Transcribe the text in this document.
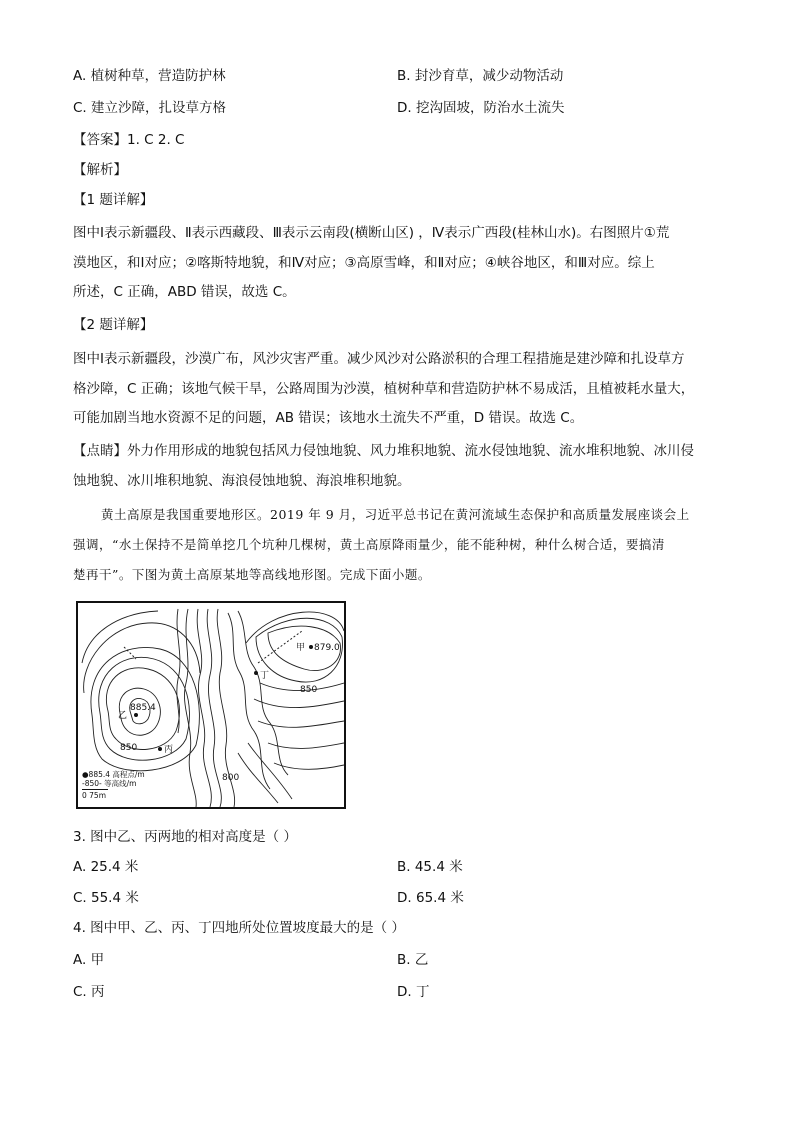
A. 植树种草，营造防护林	B. 封沙育草，减少动物活动
C. 建立沙障，扎设草方格	D. 挖沟固坡，防治水土流失
【答案】1. C 2. C
【解析】
【1 题详解】
图中Ⅰ表示新疆段、Ⅱ表示西藏段、Ⅲ表示云南段(横断山区) ，Ⅳ表示广西段(桂林山水)。右图照片①荒
漠地区，和Ⅰ对应；②喀斯特地貌，和Ⅳ对应；③高原雪峰，和Ⅱ对应；④峡谷地区，和Ⅲ对应。综上
所述，C 正确，ABD 错误，故选 C。
【2 题详解】
图中Ⅰ表示新疆段，沙漠广布，风沙灾害严重。减少风沙对公路淤积的合理工程措施是建沙障和扎设草方
格沙障，C 正确；该地气候干旱，公路周围为沙漠，植树种草和营造防护林不易成活，且植被耗水量大，
可能加剧当地水资源不足的问题，AB 错误；该地水土流失不严重，D 错误。故选 C。
【点睛】外力作用形成的地貌包括风力侵蚀地貌、风力堆积地貌、流水侵蚀地貌、流水堆积地貌、冰川侵
蚀地貌、冰川堆积地貌、海浪侵蚀地貌、海浪堆积地貌。
黄土高原是我国重要地形区。2019 年 9 月，习近平总书记在黄河流域生态保护和高质量发展座谈会上
强调，“水土保持不是简单挖几个坑种几棵树，黄土高原降雨量少，能不能种树，种什么树合适，要搞清
楚再干”。下图为黄土高原某地等高线地形图。完成下面小题。
甲 879.0
乙
885.4
丙
丁
850
850
800
●885.4 高程点/m
-850- 等高线/m
0 75m
3. 图中乙、丙两地的相对高度是（ ）
A. 25.4 米	B. 45.4 米
C. 55.4 米	D. 65.4 米
4. 图中甲、乙、丙、丁四地所处位置坡度最大的是（ ）
A. 甲	B. 乙
C. 丙	D. 丁
